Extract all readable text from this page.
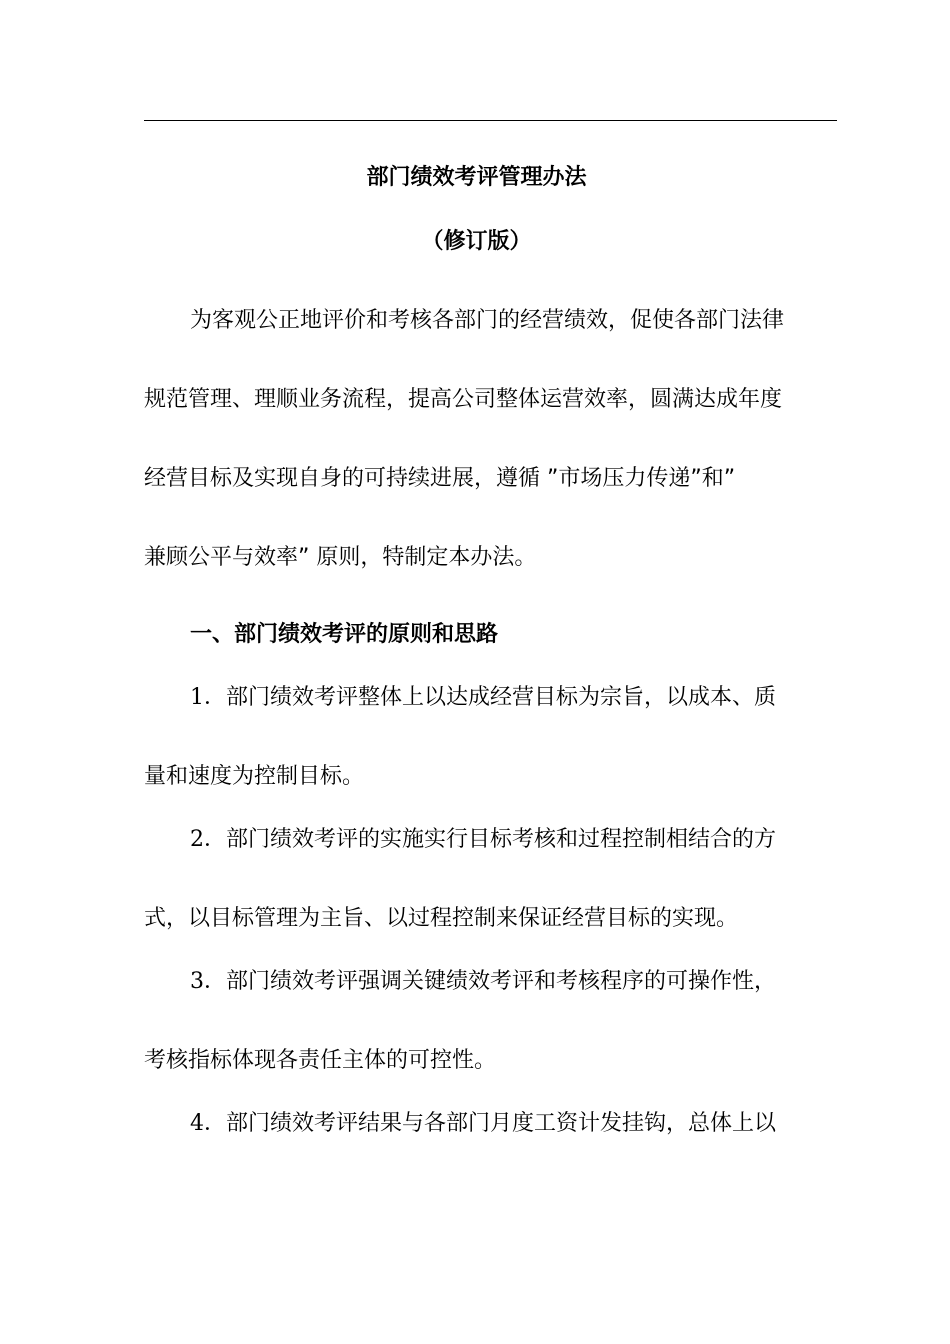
部门绩效考评管理办法
（修订版）
为客观公正地评价和考核各部门的经营绩效，促使各部门法律
规范管理、理顺业务流程，提高公司整体运营效率，圆满达成年度
经营目标及实现自身的可持续进展，遵循 ”市场压力传递”和”
兼顾公平与效率” 原则，特制定本办法。
一、部门绩效考评的原则和思路
1．部门绩效考评整体上以达成经营目标为宗旨，以成本、质
量和速度为控制目标。
2．部门绩效考评的实施实行目标考核和过程控制相结合的方
式，以目标管理为主旨、以过程控制来保证经营目标的实现。
3．部门绩效考评强调关键绩效考评和考核程序的可操作性，
考核指标体现各责任主体的可控性。
4．部门绩效考评结果与各部门月度工资计发挂钩，总体上以
